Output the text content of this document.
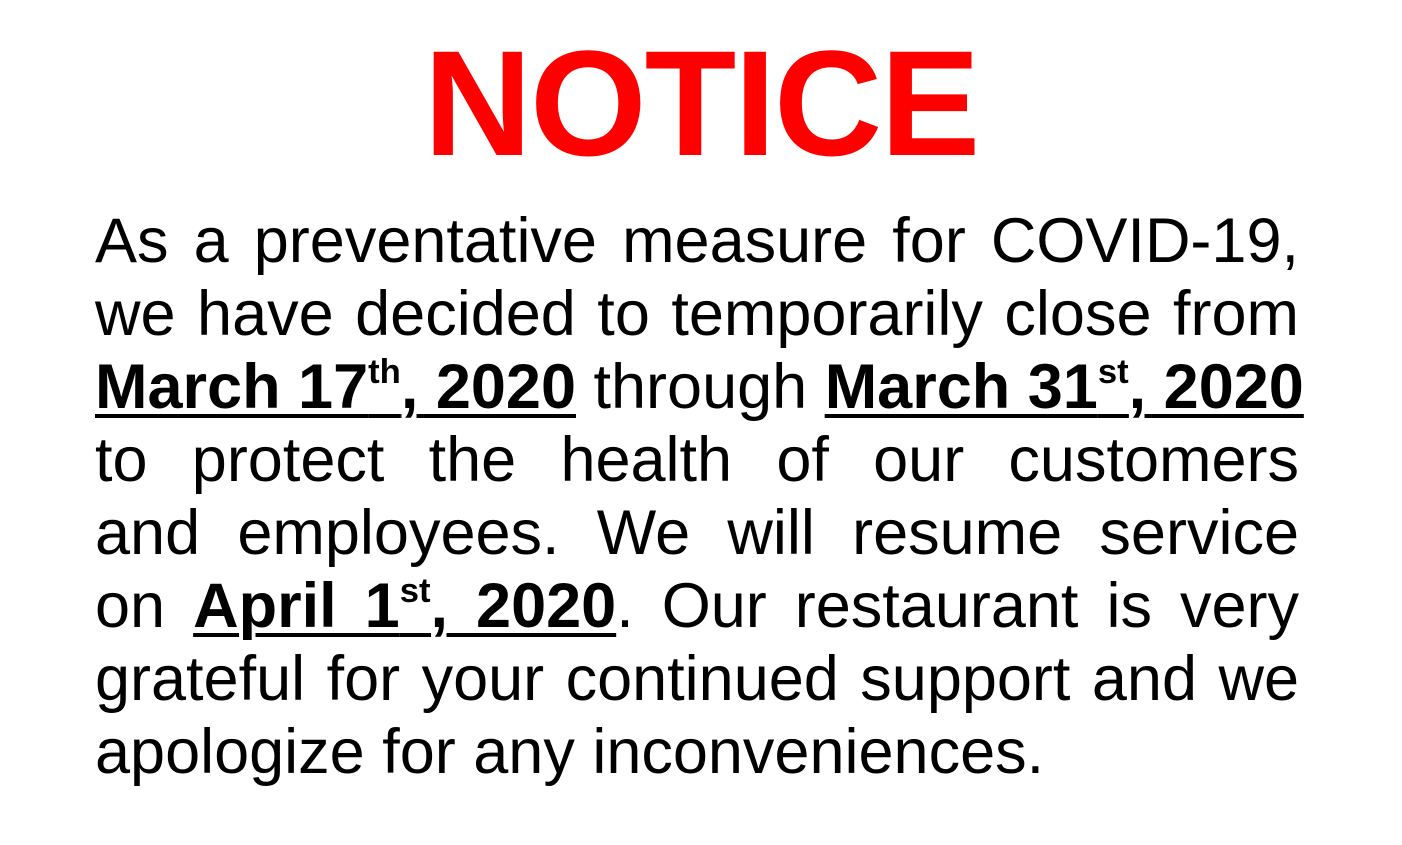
NOTICE
As a preventative measure for COVID-19,
we have decided to temporarily close from
March 17th, 2020 through March 31st, 2020
to protect the health of our customers
and employees. We will resume service
on April 1st, 2020. Our restaurant is very
grateful for your continued support and we
apologize for any inconveniences.
